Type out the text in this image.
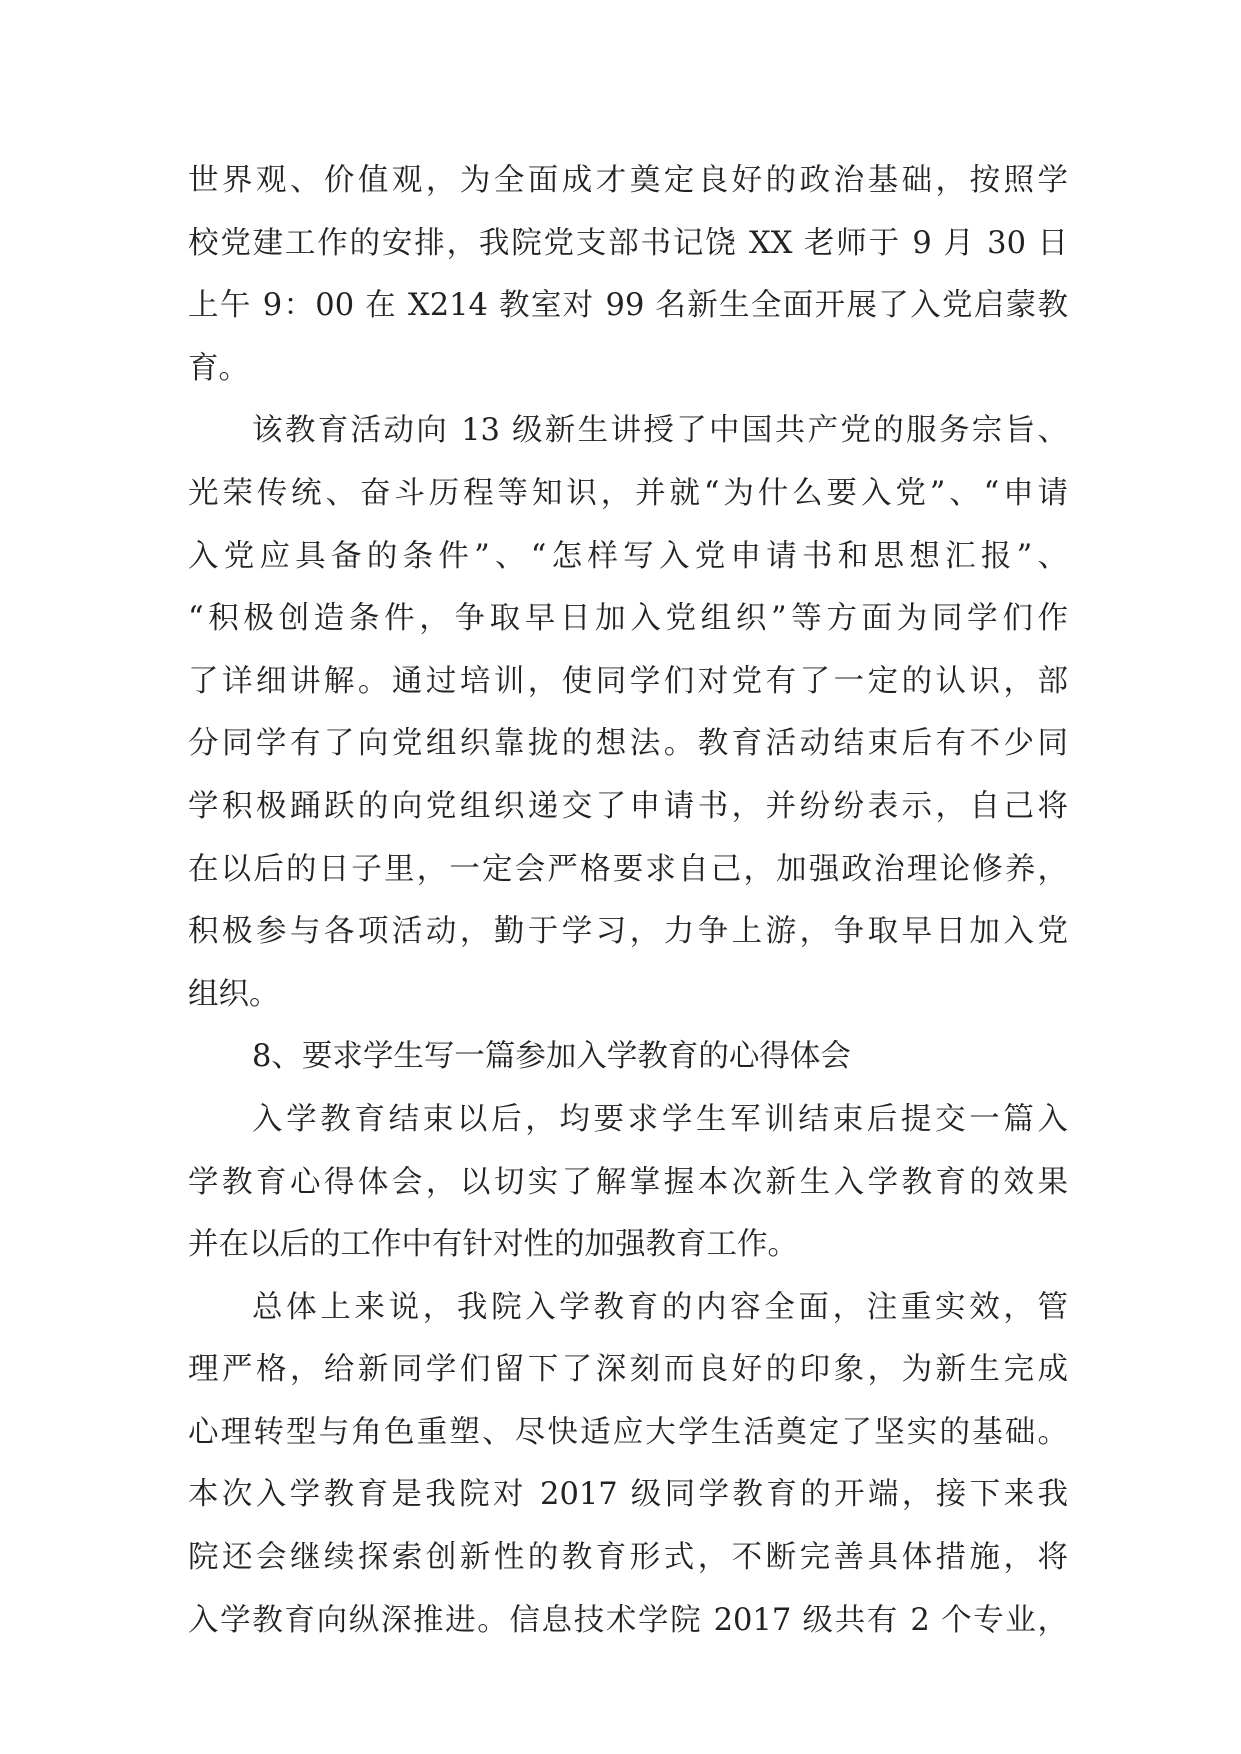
世界观、价值观，为全面成才奠定良好的政治基础，按照学
校党建工作的安排，我院党支部书记饶 XX 老师于 9 月 30 日
上午 9：00 在 X214 教室对 99 名新生全面开展了入党启蒙教
育。
该教育活动向 13 级新生讲授了中国共产党的服务宗旨、
光荣传统、奋斗历程等知识，并就“为什么要入党”、“申请
入党应具备的条件”、“怎样写入党申请书和思想汇报”、
“积极创造条件，争取早日加入党组织”等方面为同学们作
了详细讲解。通过培训，使同学们对党有了一定的认识，部
分同学有了向党组织靠拢的想法。教育活动结束后有不少同
学积极踊跃的向党组织递交了申请书，并纷纷表示，自己将
在以后的日子里，一定会严格要求自己，加强政治理论修养，
积极参与各项活动，勤于学习，力争上游，争取早日加入党
组织。
8、要求学生写一篇参加入学教育的心得体会
入学教育结束以后，均要求学生军训结束后提交一篇入
学教育心得体会，以切实了解掌握本次新生入学教育的效果
并在以后的工作中有针对性的加强教育工作。
总体上来说，我院入学教育的内容全面，注重实效，管
理严格，给新同学们留下了深刻而良好的印象，为新生完成
心理转型与角色重塑、尽快适应大学生活奠定了坚实的基础。
本次入学教育是我院对 2017 级同学教育的开端，接下来我
院还会继续探索创新性的教育形式，不断完善具体措施，将
入学教育向纵深推进。信息技术学院 2017 级共有 2 个专业，
